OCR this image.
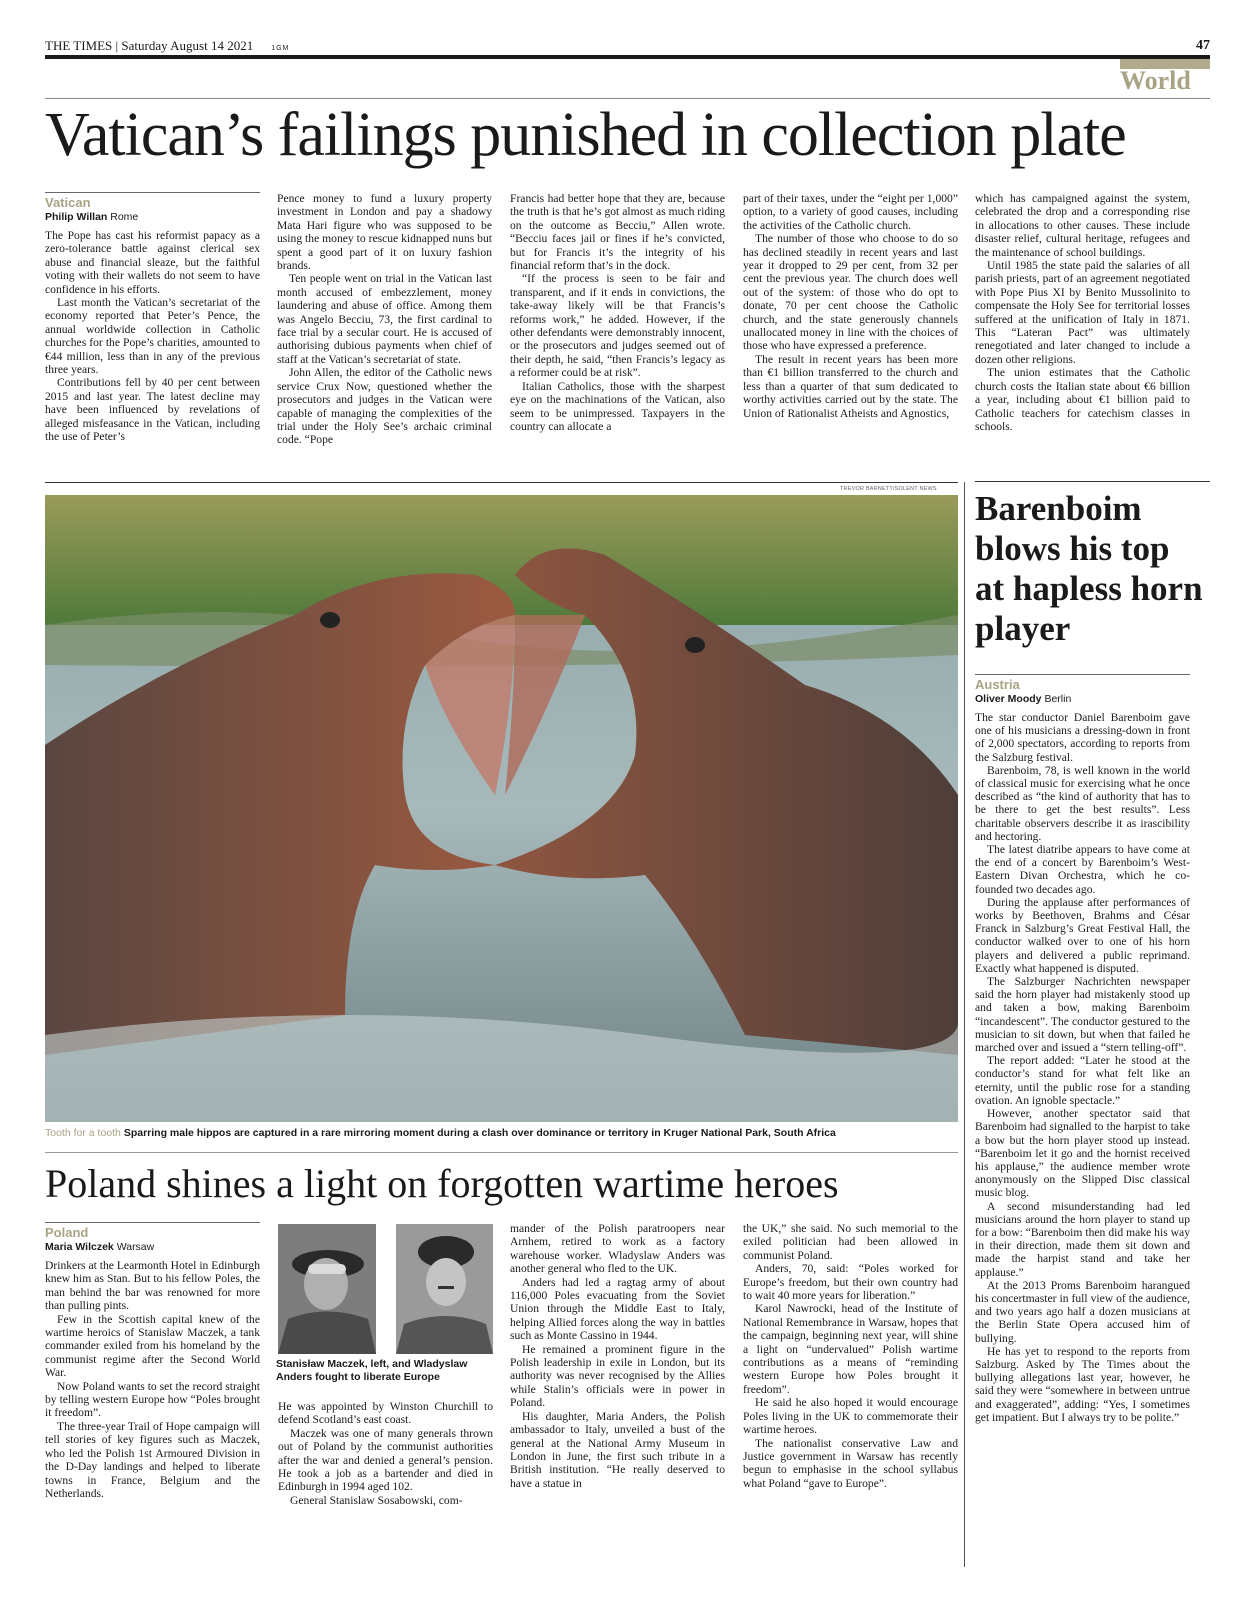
THE TIMES | Saturday August 14 2021	1GM	47
World
Vatican’s failings punished in collection plate
Vatican
Philip Willan Rome

The Pope has cast his reformist papacy as a zero-tolerance battle against clerical sex abuse and financial sleaze, but the faithful voting with their wallets do not seem to have confidence in his efforts.

Last month the Vatican’s secretariat of the economy reported that Peter’s Pence, the annual worldwide collection in Catholic churches for the Pope’s charities, amounted to €44 million, less than in any of the previous three years.

Contributions fell by 40 per cent between 2015 and last year. The latest decline may have been influenced by revelations of alleged misfeasance in the Vatican, including the use of Peter’s

Pence money to fund a luxury property investment in London and pay a shadowy Mata Hari figure who was supposed to be using the money to rescue kidnapped nuns but spent a good part of it on luxury fashion brands.

Ten people went on trial in the Vatican last month accused of embezzlement, money laundering and abuse of office. Among them was Angelo Becciu, 73, the first cardinal to face trial by a secular court. He is accused of authorising dubious payments when chief of staff at the Vatican’s secretariat of state.

John Allen, the editor of the Catholic news service Crux Now, questioned whether the prosecutors and judges in the Vatican were capable of managing the complexities of the trial under the Holy See’s archaic criminal code. “Pope

Francis had better hope that they are, because the truth is that he’s got almost as much riding on the outcome as Becciu,” Allen wrote. “Becciu faces jail or fines if he’s convicted, but for Francis it’s the integrity of his financial reform that’s in the dock.

“If the process is seen to be fair and transparent, and if it ends in convictions, the take-away likely will be that Francis’s reforms work,” he added. However, if the other defendants were demonstrably innocent, or the prosecutors and judges seemed out of their depth, he said, “then Francis’s legacy as a reformer could be at risk”.

Italian Catholics, those with the sharpest eye on the machinations of the Vatican, also seem to be unimpressed. Taxpayers in the country can allocate a

part of their taxes, under the “eight per 1,000” option, to a variety of good causes, including the activities of the Catholic church.

The number of those who choose to do so has declined steadily in recent years and last year it dropped to 29 per cent, from 32 per cent the previous year. The church does well out of the system: of those who do opt to donate, 70 per cent choose the Catholic church, and the state generously channels unallocated money in line with the choices of those who have expressed a preference.

The result in recent years has been more than €1 billion transferred to the church and less than a quarter of that sum dedicated to worthy activities carried out by the state. The Union of Rationalist Atheists and Agnostics,

which has campaigned against the system, celebrated the drop and a corresponding rise in allocations to other causes. These include disaster relief, cultural heritage, refugees and the maintenance of school buildings.

Until 1985 the state paid the salaries of all parish priests, part of an agreement negotiated with Pope Pius XI by Benito Mussolinito to compensate the Holy See for territorial losses suffered at the unification of Italy in 1871. This “Lateran Pact” was ultimately renegotiated and later changed to include a dozen other religions.

The union estimates that the Catholic church costs the Italian state about €6 billion a year, including about €1 billion paid to Catholic teachers for catechism classes in schools.

TREVOR BARNETT/SOLENT NEWS
Tooth for a tooth Sparring male hippos are captured in a rare mirroring moment during a clash over dominance or territory in Kruger National Park, South Africa
Barenboim blows his top at hapless horn player
Austria
Oliver Moody Berlin

The star conductor Daniel Barenboim gave one of his musicians a dressing-down in front of 2,000 spectators, according to reports from the Salzburg festival.

Barenboim, 78, is well known in the world of classical music for exercising what he once described as “the kind of authority that has to be there to get the best results”. Less charitable observers describe it as irascibility and hectoring.

The latest diatribe appears to have come at the end of a concert by Barenboim’s West-Eastern Divan Orchestra, which he co-founded two decades ago.

During the applause after performances of works by Beethoven, Brahms and César Franck in Salzburg’s Great Festival Hall, the conductor walked over to one of his horn players and delivered a public reprimand. Exactly what happened is disputed.

The Salzburger Nachrichten newspaper said the horn player had mistakenly stood up and taken a bow, making Barenboim “incandescent”. The conductor gestured to the musician to sit down, but when that failed he marched over and issued a “stern telling-off”.

The report added: “Later he stood at the conductor’s stand for what felt like an eternity, until the public rose for a standing ovation. An ignoble spectacle.”

However, another spectator said that Barenboim had signalled to the harpist to take a bow but the horn player stood up instead. “Barenboim let it go and the hornist received his applause,” the audience member wrote anonymously on the Slipped Disc classical music blog.

A second misunderstanding had led musicians around the horn player to stand up for a bow: “Barenboim then did make his way in their direction, made them sit down and made the harpist stand and take her applause.”

At the 2013 Proms Barenboim harangued his concertmaster in full view of the audience, and two years ago half a dozen musicians at the Berlin State Opera accused him of bullying.

He has yet to respond to the reports from Salzburg. Asked by The Times about the bullying allegations last year, however, he said they were “somewhere in between untrue and exaggerated”, adding: “Yes, I sometimes get impatient. But I always try to be polite.”

Poland shines a light on forgotten wartime heroes
Poland
Maria Wilczek Warsaw

Drinkers at the Learmonth Hotel in Edinburgh knew him as Stan. But to his fellow Poles, the man behind the bar was renowned for more than pulling pints.

Few in the Scottish capital knew of the wartime heroics of Stanislaw Maczek, a tank commander exiled from his homeland by the communist regime after the Second World War.

Now Poland wants to set the record straight by telling western Europe how “Poles brought it freedom”.

The three-year Trail of Hope campaign will tell stories of key figures such as Maczek, who led the Polish 1st Armoured Division in the D-Day landings and helped to liberate towns in France, Belgium and the Netherlands.

Stanisław Maczek, left, and Wladyslaw Anders fought to liberate Europe

He was appointed by Winston Churchill to defend Scotland’s east coast.

Maczek was one of many generals thrown out of Poland by the communist authorities after the war and denied a general’s pension. He took a job as a bartender and died in Edinburgh in 1994 aged 102.

General Stanislaw Sosabowski, com-

mander of the Polish paratroopers near Arnhem, retired to work as a factory warehouse worker. Wladyslaw Anders was another general who fled to the UK.

Anders had led a ragtag army of about 116,000 Poles evacuating from the Soviet Union through the Middle East to Italy, helping Allied forces along the way in battles such as Monte Cassino in 1944.

He remained a prominent figure in the Polish leadership in exile in London, but its authority was never recognised by the Allies while Stalin’s officials were in power in Poland.

His daughter, Maria Anders, the Polish ambassador to Italy, unveiled a bust of the general at the National Army Museum in London in June, the first such tribute in a British institution. “He really deserved to have a statue in

the UK,” she said. No such memorial to the exiled politician had been allowed in communist Poland.

Anders, 70, said: “Poles worked for Europe’s freedom, but their own country had to wait 40 more years for liberation.”

Karol Nawrocki, head of the Institute of National Remembrance in Warsaw, hopes that the campaign, beginning next year, will shine a light on “undervalued” Polish wartime contributions as a means of “reminding western Europe how Poles brought it freedom”.

He said he also hoped it would encourage Poles living in the UK to commemorate their wartime heroes.

The nationalist conservative Law and Justice government in Warsaw has recently begun to emphasise in the school syllabus what Poland “gave to Europe”.
